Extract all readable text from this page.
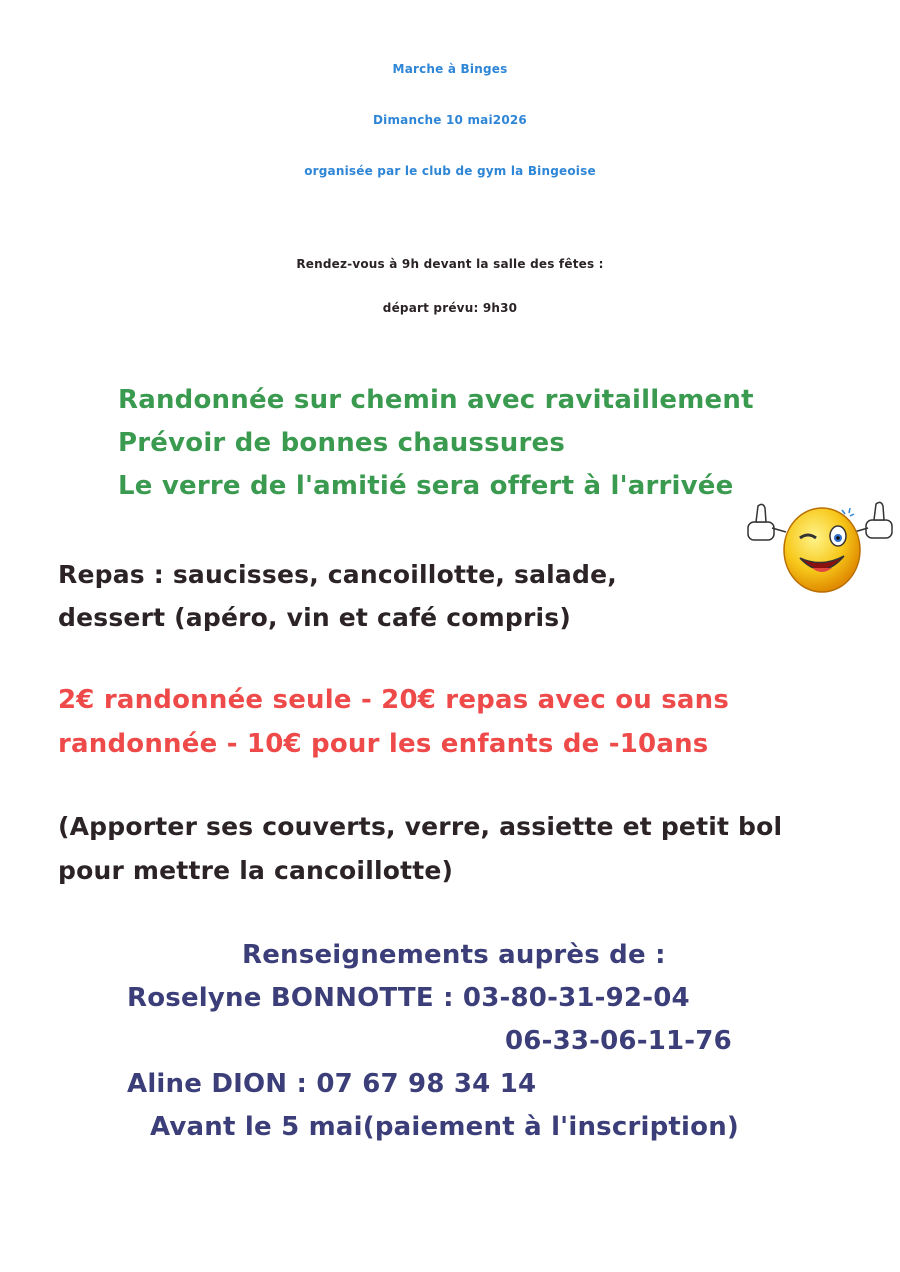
Marche à Binges
Dimanche 10 mai2026
organisée par le club de gym la Bingeoise
Rendez-vous à 9h devant la salle des fêtes :
départ prévu: 9h30
Randonnée sur chemin avec ravitaillement
Prévoir de bonnes chaussures
Le verre de l'amitié sera offert à l'arrivée
Repas : saucisses, cancoillotte, salade,
dessert (apéro, vin et café compris)
2€ randonnée seule - 20€ repas avec ou sans
randonnée - 10€ pour les enfants de -10ans
(Apporter ses couverts, verre, assiette et petit bol
pour mettre la cancoillotte)
Renseignements auprès de :
Roselyne BONNOTTE : 03-80-31-92-04
06-33-06-11-76
Aline DION : 07 67 98 34 14
Avant le 5 mai(paiement à l'inscription)
